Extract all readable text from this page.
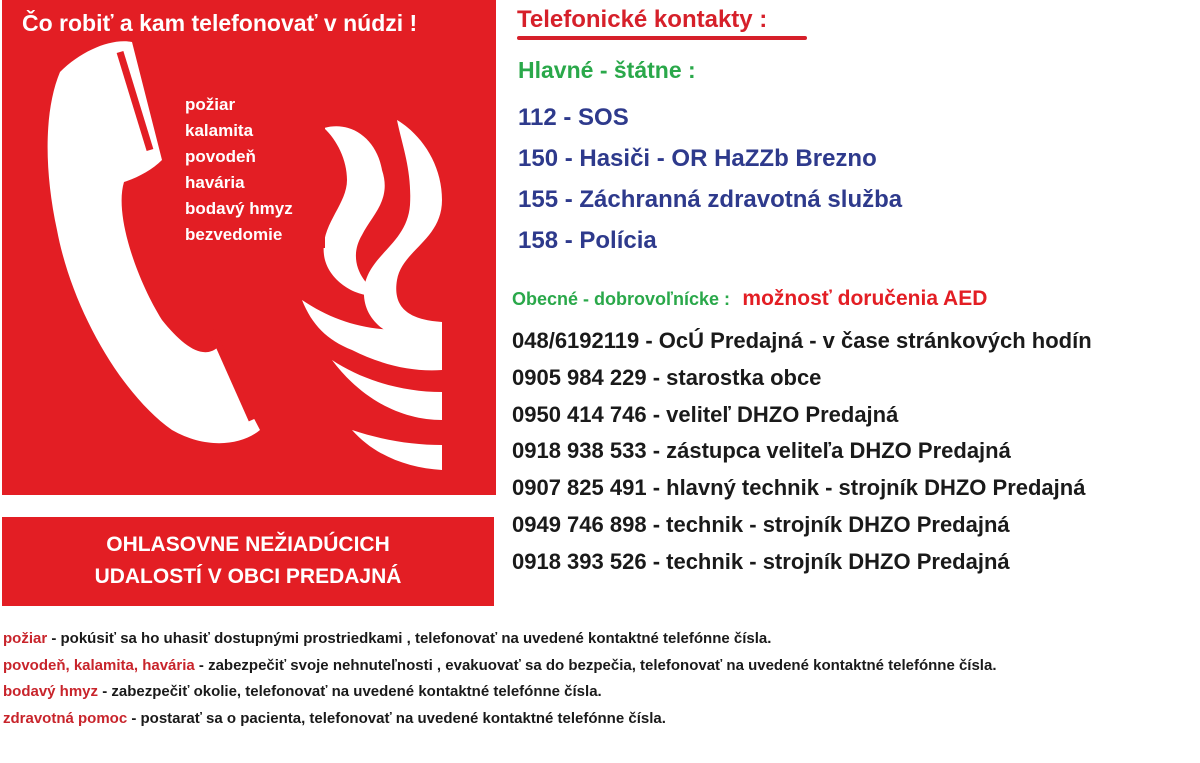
Čo robiť a kam telefonovať v núdzi !
požiar
kalamita
povodeň
havária
bodavý hmyz
bezvedomie
OHLASOVNE NEŽIADÚCICH
UDALOSTÍ V OBCI PREDAJNÁ
Telefonické kontakty :
Hlavné - štátne :
112 - SOS
150 - Hasiči - OR HaZZb Brezno
155 - Záchranná zdravotná služba
158 - Polícia
Obecné - dobrovoľnícke : možnosť doručenia AED
048/6192119 - OcÚ Predajná - v čase stránkových hodín
0905 984 229 - starostka obce
0950 414 746 - veliteľ DHZO Predajná
0918 938 533 - zástupca veliteľa DHZO Predajná
0907 825 491 - hlavný technik - strojník DHZO Predajná
0949 746 898 - technik - strojník DHZO Predajná
0918 393 526 - technik - strojník DHZO Predajná
požiar - pokúsiť sa ho uhasiť dostupnými prostriedkami , telefonovať na uvedené kontaktné telefónne čísla.
povodeň, kalamita, havária - zabezpečiť svoje nehnuteľnosti , evakuovať sa do bezpečia, telefonovať na uvedené kontaktné telefónne čísla.
bodavý hmyz - zabezpečiť okolie, telefonovať na uvedené kontaktné telefónne čísla.
zdravotná pomoc - postarať sa o pacienta, telefonovať na uvedené kontaktné telefónne čísla.
